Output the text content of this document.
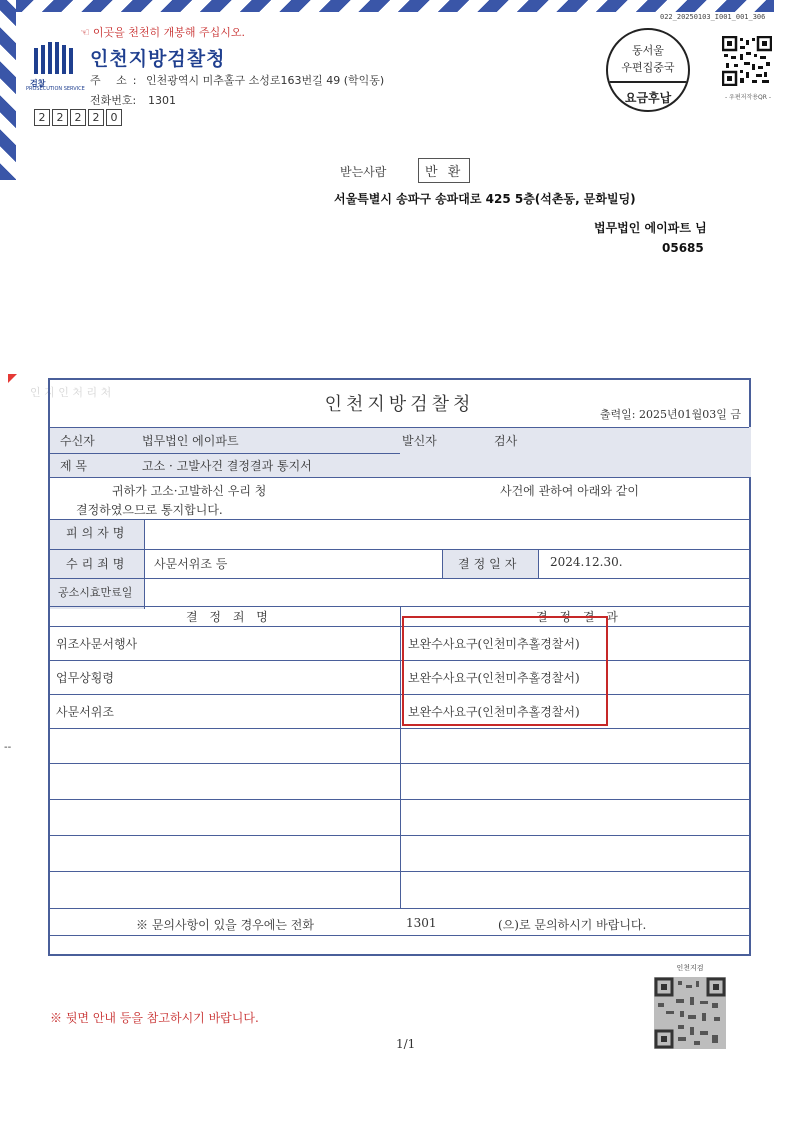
☜ 이곳을 천천히 개봉해 주십시오.
022_20250103_I001_001_306
검찰
PROSECUTION SERVICE
인천지방검찰청
주 소: 인천광역시 미추홀구 소성로163번길 49 (학익동)
전화번호: 1301
2	2	2	2	0
동서울
우편집중국
요금후납	- 우편저작용QR -
받는사람	반 환
서울특별시 송파구 송파대로 425 5층(석촌동, 문화빌딩)
법무법인 에이파트 님
05685
인 지 인 처 리 처
--
인천지방검찰청	출력일: 2025년01월03일 금
수신자	법무법인 에이파트	발신자	검사
제 목	고소 · 고발사건 결정결과 통지서
귀하가 고소·고발하신 우리 청	사건에 관하여 아래와 같이
결정하였으므로 통지합니다.
피의자명
수리죄명 사문서위조 등	결정일자 2024.12.30.
공소시효만료일
결 정 죄 명	결 정 결 과
위조사문서행사	보완수사요구(인천미추홀경찰서)
업무상횡령	보완수사요구(인천미추홀경찰서)
사문서위조	보완수사요구(인천미추홀경찰서)
※ 문의사항이 있을 경우에는 전화	1301	(으)로 문의하시기 바랍니다.
인천지검
※ 뒷면 안내 등을 참고하시기 바랍니다.
1/1
